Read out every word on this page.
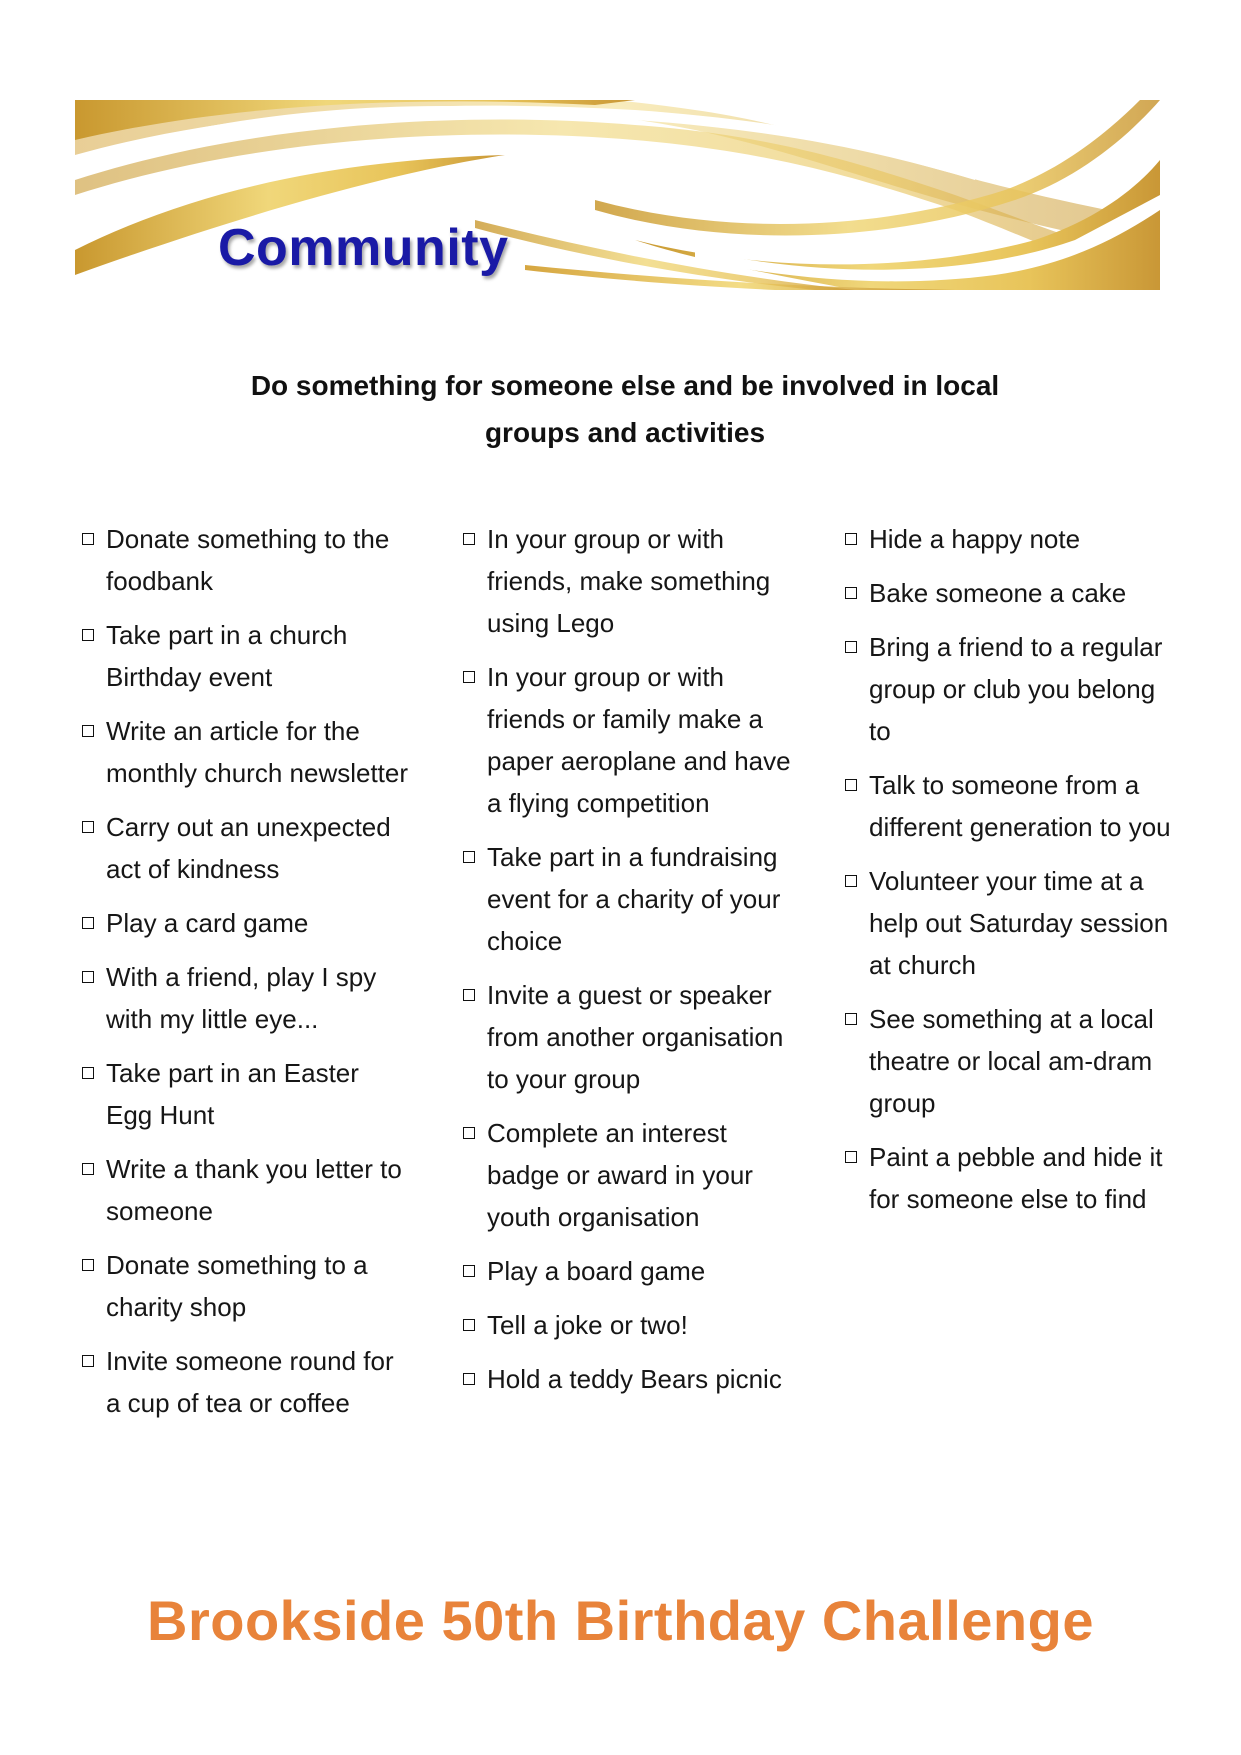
Community
Do something for someone else and be involved in local
groups and activities
Donate something to the foodbank
Take part in a church Birthday event
Write an article for the monthly church newsletter
Carry out an unexpected act of kindness
Play a card game
With a friend, play I spy with my little eye...
Take part in an Easter Egg Hunt
Write a thank you letter to someone
Donate something to a charity shop
Invite someone round for a cup of tea or coffee
In your group or with friends, make something using Lego
In your group or with friends or family make a paper aeroplane and have a flying competition
Take part in a fundraising event for a charity of your choice
Invite a guest or speaker from another organisation to your group
Complete an interest badge or award in your youth organisation
Play a board game
Tell a joke or two!
Hold a teddy Bears picnic
Hide a happy note
Bake someone a cake
Bring a friend to a regular group or club you belong to
Talk to someone from a different generation to you
Volunteer your time at a help out Saturday session at church
See something at a local theatre or local am-dram group
Paint a pebble and hide it for someone else to find
Brookside 50th Birthday Challenge
